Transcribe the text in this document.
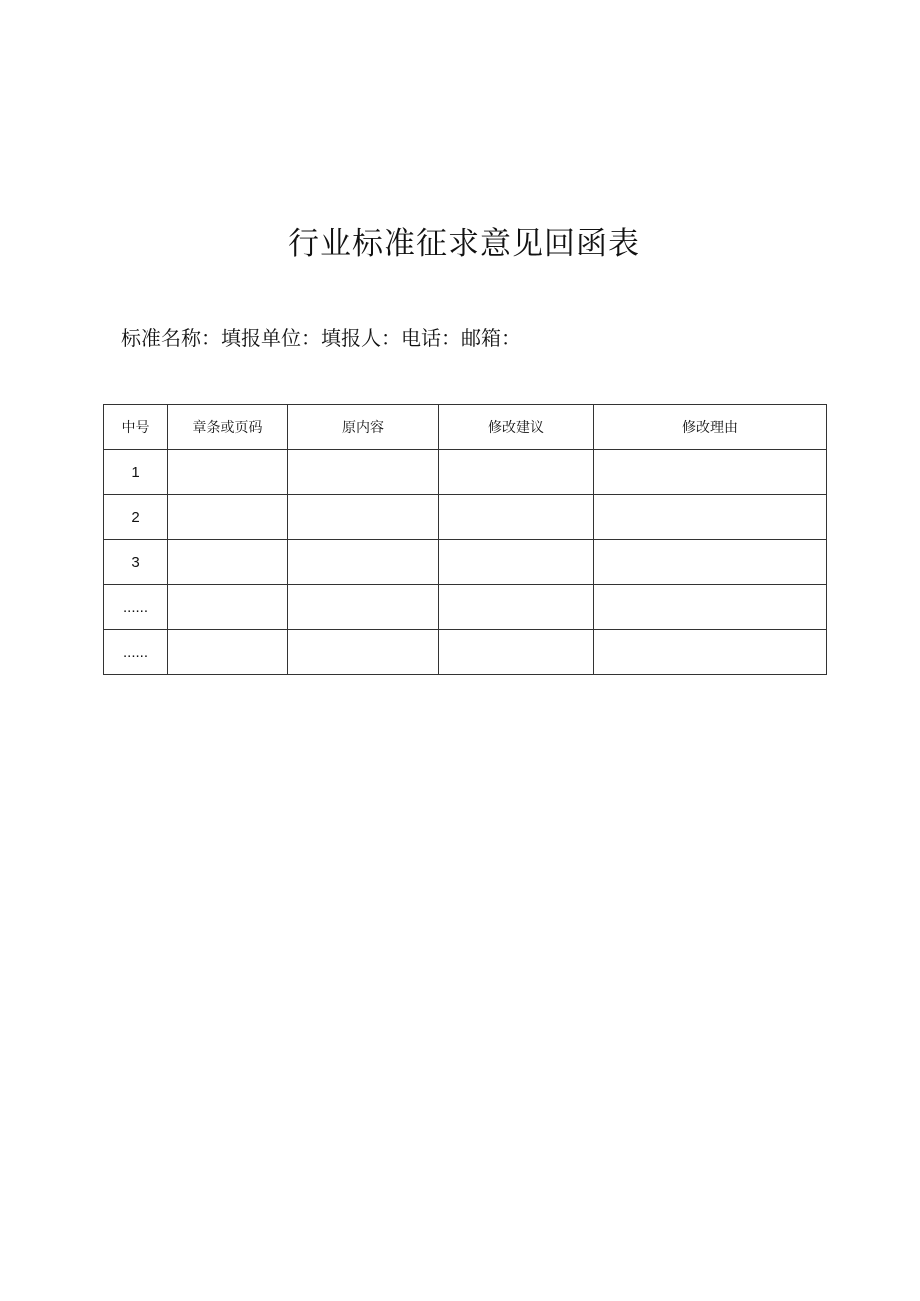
行业标准征求意见回函表
标准名称：填报单位：填报人：电话：邮箱：
中号	章条或页码	原内容	修改建议	修改理由
1				
2				
3				
......				
......				
